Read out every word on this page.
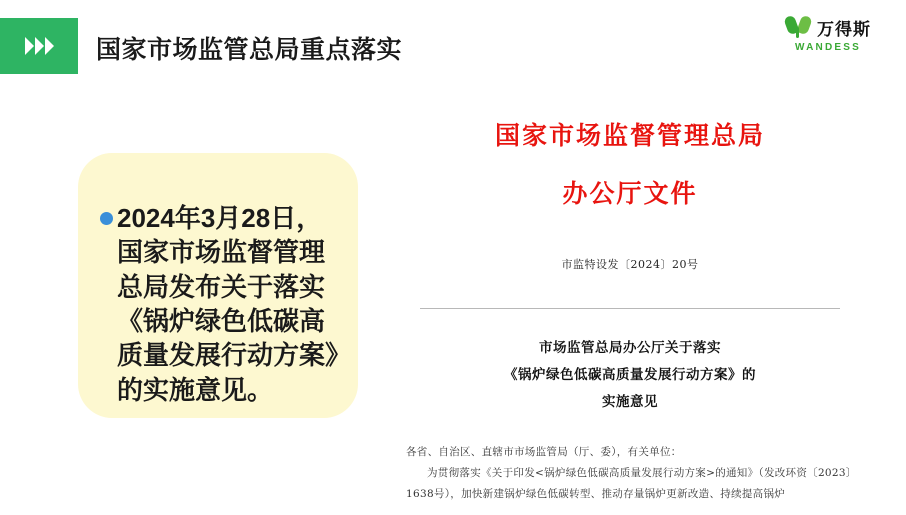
国家市场监管总局重点落实
万得斯
WANDESS
2024年3月28日，国家市场监督管理总局发布关于落实《锅炉绿色低碳高质量发展行动方案》的实施意见。
国家市场监督管理总局
办公厅文件
市监特设发〔2024〕20号
市场监管总局办公厅关于落实
《锅炉绿色低碳高质量发展行动方案》的
实施意见
各省、自治区、直辖市市场监管局（厅、委），有关单位：
为贯彻落实《关于印发<锅炉绿色低碳高质量发展行动方案>的通知》（发改环资〔2023〕1638号），加快新建锅炉绿色低碳转型、推动存量锅炉更新改造、持续提高锅炉
